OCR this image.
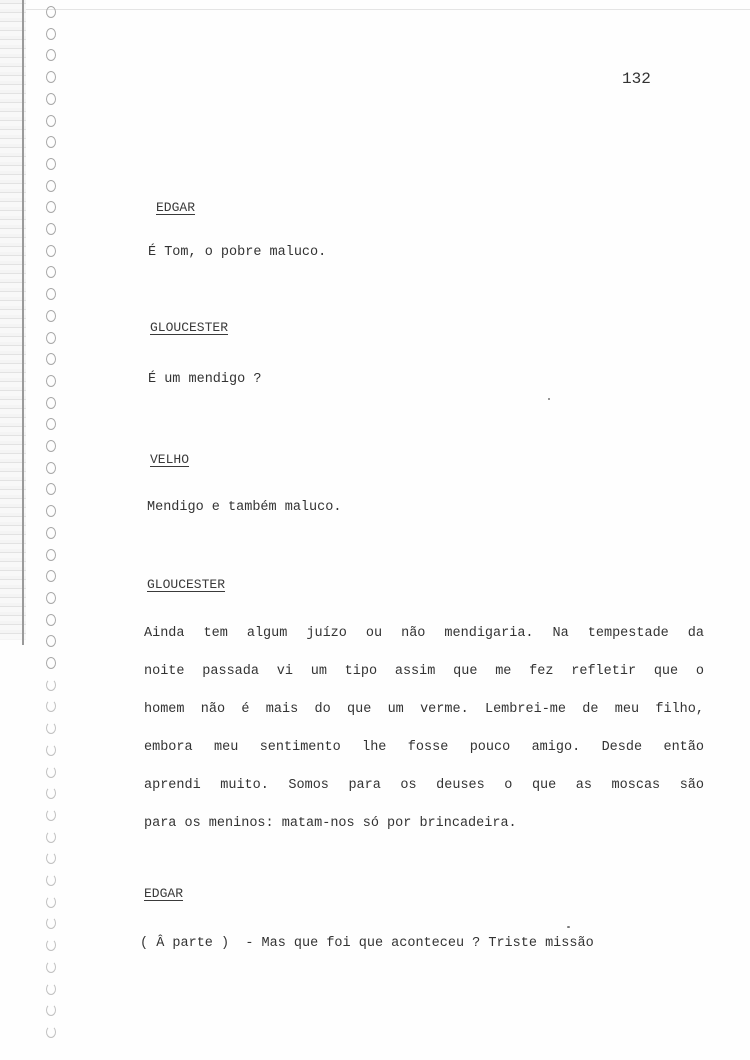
132
EDGAR
É Tom, o pobre maluco.
GLOUCESTER
É um mendigo ?
VELHO
Mendigo e também maluco.
GLOUCESTER
Ainda tem algum juízo ou não mendigaria. Na tempestade da
noite passada vi um tipo assim que me fez refletir que o
homem não é mais do que um verme. Lembrei-me de meu filho,
embora meu sentimento lhe fosse pouco amigo. Desde então
aprendi muito. Somos para os deuses o que as moscas são
para os meninos: matam-nos só por brincadeira.
EDGAR
( Â parte )  - Mas que foi que aconteceu ? Triste missão
